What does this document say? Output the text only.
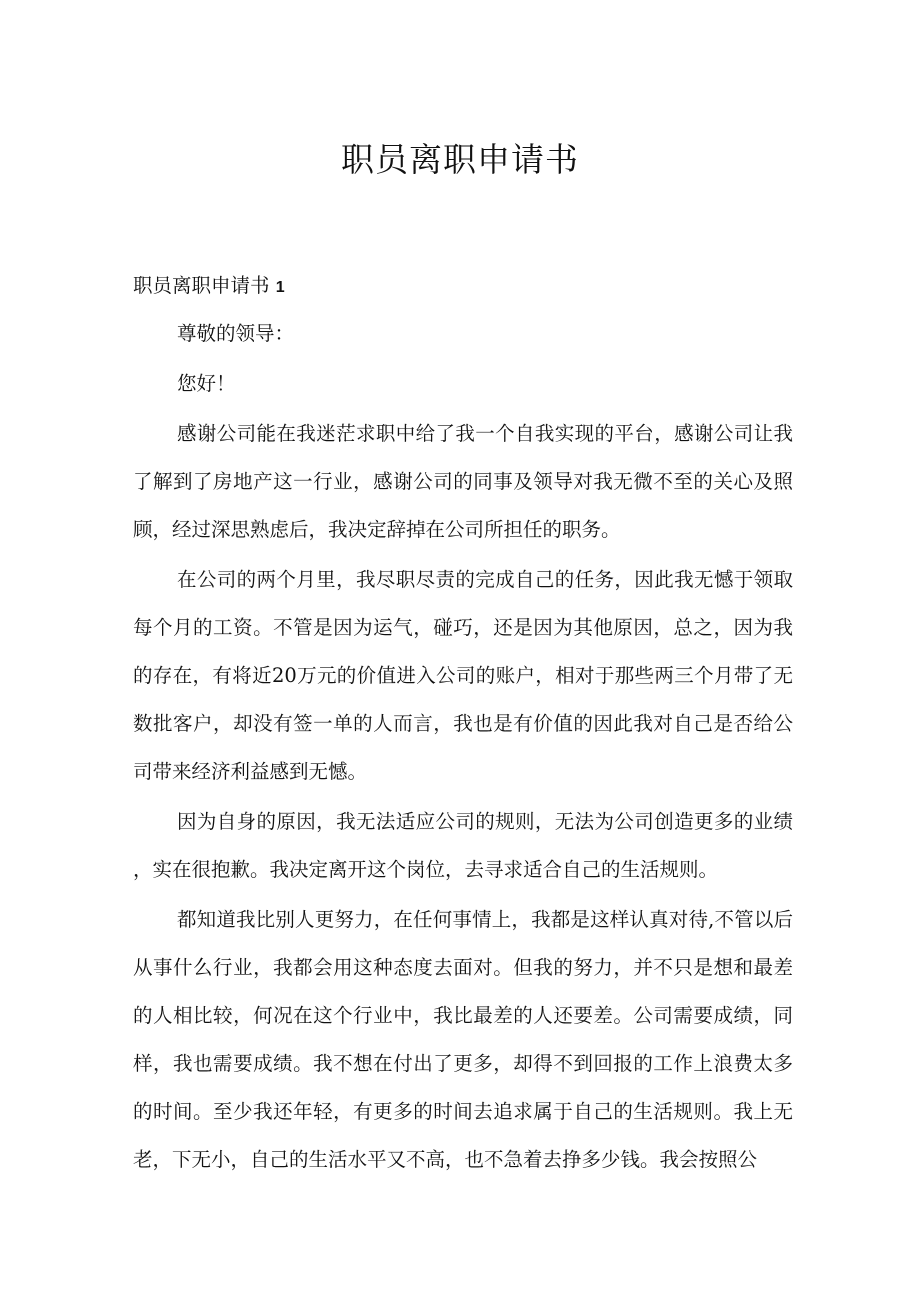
职员离职申请书

职员离职申请书 1

尊敬的领导：

您好！

感谢公司能在我迷茫求职中给了我一个自我实现的平台，感谢公司让我了解到了房地产这一行业，感谢公司的同事及领导对我无微不至的关心及照顾，经过深思熟虑后，我决定辞掉在公司所担任的职务。

在公司的两个月里，我尽职尽责的完成自己的任务，因此我无憾于领取每个月的工资。不管是因为运气，碰巧，还是因为其他原因，总之，因为我的存在，有将近20万元的价值进入公司的账户，相对于那些两三个月带了无数批客户，却没有签一单的人而言，我也是有价值的因此我对自己是否给公司带来经济利益感到无憾。

因为自身的原因，我无法适应公司的规则，无法为公司创造更多的业绩，实在很抱歉。我决定离开这个岗位，去寻求适合自己的生活规则。

都知道我比别人更努力，在任何事情上，我都是这样认真对待,不管以后从事什么行业，我都会用这种态度去面对。但我的努力，并不只是想和最差的人相比较，何况在这个行业中，我比最差的人还要差。公司需要成绩，同样，我也需要成绩。我不想在付出了更多，却得不到回报的工作上浪费太多的时间。至少我还年轻，有更多的时间去追求属于自己的生活规则。我上无老，下无小，自己的生活水平又不高，也不急着去挣多少钱。我会按照公
